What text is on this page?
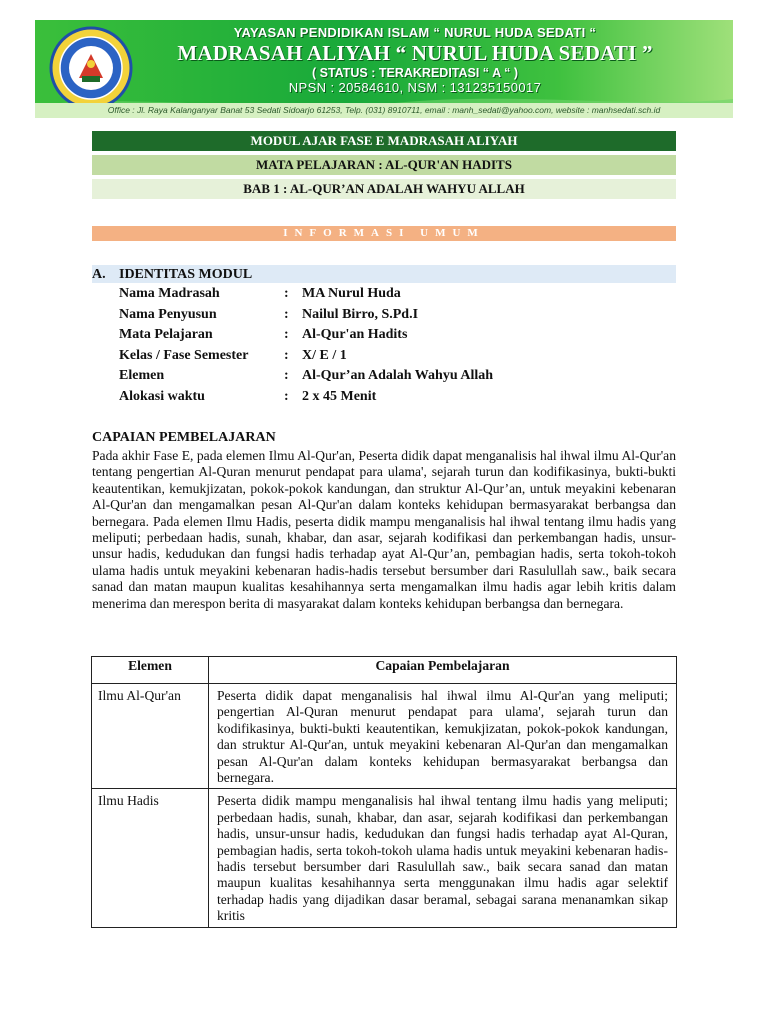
YAYASAN PENDIDIKAN ISLAM “ NURUL HUDA SEDATI “
MADRASAH ALIYAH “ NURUL HUDA SEDATI ”
( STATUS : TERAKREDITASI “ A “ )
NPSN : 20584610, NSM : 131235150017
Office : Jl. Raya Kalanganyar Banat 53 Sedati Sidoarjo 61253, Telp. (031) 8910711, email : manh_sedati@yahoo.com, website : manhsedati.sch.id
MODUL AJAR FASE E MADRASAH ALIYAH
MATA PELAJARAN : AL-QUR'AN HADITS
BAB 1 : AL-QUR’AN ADALAH WAHYU ALLAH
INFORMASI UMUM
A. IDENTITAS MODUL
Nama Madrasah	: MA Nurul Huda
Nama Penyusun	: Nailul Birro, S.Pd.I
Mata Pelajaran	: Al-Qur'an Hadits
Kelas / Fase Semester	: X/ E / 1
Elemen	: Al-Qur’an Adalah Wahyu Allah
Alokasi waktu	: 2 x 45 Menit
CAPAIAN PEMBELAJARAN
Pada akhir Fase E, pada elemen Ilmu Al-Qur'an, Peserta didik dapat menganalisis hal ihwal ilmu Al-Qur'an tentang pengertian Al-Quran menurut pendapat para ulama', sejarah turun dan kodifikasinya, bukti-bukti keautentikan, kemukjizatan, pokok-pokok kandungan, dan struktur Al-Qur’an, untuk meyakini kebenaran Al-Qur'an dan mengamalkan pesan Al-Qur'an dalam konteks kehidupan bermasyarakat berbangsa dan bernegara. Pada elemen Ilmu Hadis, peserta didik mampu menganalisis hal ihwal tentang ilmu hadis yang meliputi; perbedaan hadis, sunah, khabar, dan asar, sejarah kodifikasi dan perkembangan hadis, unsur-unsur hadis, kedudukan dan fungsi hadis terhadap ayat Al-Qur’an, pembagian hadis, serta tokoh-tokoh ulama hadis untuk meyakini kebenaran hadis-hadis tersebut bersumber dari Rasulullah saw., baik secara sanad dan matan maupun kualitas kesahihannya serta mengamalkan ilmu hadis agar lebih kritis dalam menerima dan merespon berita di masyarakat dalam konteks kehidupan berbangsa dan bernegara.
Elemen	Capaian Pembelajaran
Ilmu Al-Qur'an	Peserta didik dapat menganalisis hal ihwal ilmu Al-Qur'an yang meliputi; pengertian Al-Quran menurut pendapat para ulama', sejarah turun dan kodifikasinya, bukti-bukti keautentikan, kemukjizatan, pokok-pokok kandungan, dan struktur Al-Qur'an, untuk meyakini kebenaran Al-Qur'an dan mengamalkan pesan Al-Qur'an dalam konteks kehidupan bermasyarakat berbangsa dan bernegara.
Ilmu Hadis	Peserta didik mampu menganalisis hal ihwal tentang ilmu hadis yang meliputi; perbedaan hadis, sunah, khabar, dan asar, sejarah kodifikasi dan perkembangan hadis, unsur-unsur hadis, kedudukan dan fungsi hadis terhadap ayat Al-Quran, pembagian hadis, serta tokoh-tokoh ulama hadis untuk meyakini kebenaran hadis-hadis tersebut bersumber dari Rasulullah saw., baik secara sanad dan matan maupun kualitas kesahihannya serta menggunakan ilmu hadis agar selektif terhadap hadis yang dijadikan dasar beramal, sebagai sarana menanamkan sikap kritis
